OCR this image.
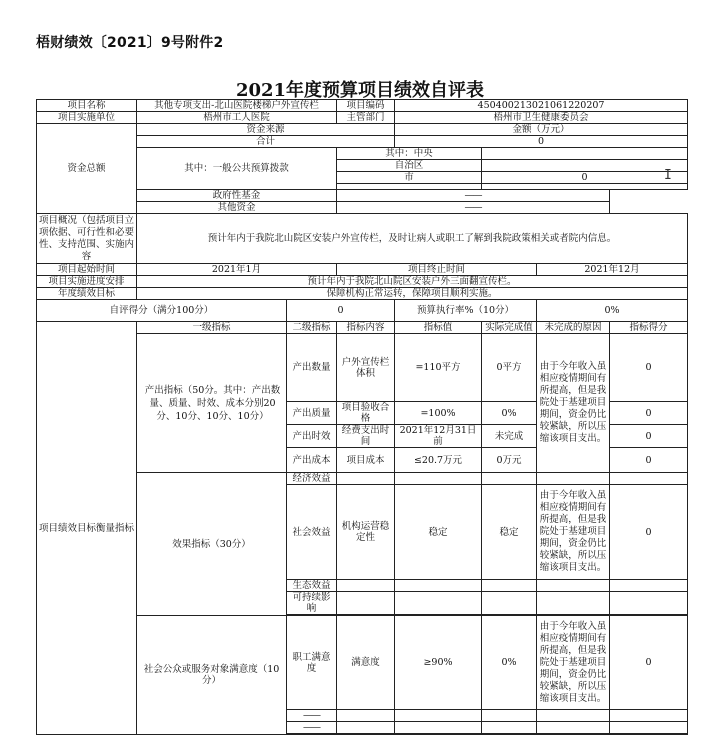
梧财绩效〔2021〕9号附件2
2021年度预算项目绩效自评表
项目名称	其他专项支出-北山医院楼梯户外宣传栏		项目编码	450400213021061220207			
项目实施单位	梧州市工人医院		主管部门	梧州市卫生健康委员会			
资金总额	资金来源			金额（万元）			
	合计			0			
	其中：一般公共预算拨款		其中：中央				
			自治区				
			市		0		

	政府性基金		——				
	其他资金		——				
项目概况（包括项目立项依据、可行性和必要性、支持范围、实施内容	预计年内于我院北山院区安装户外宣传栏，及时让病人或职工了解到我院政策相关或者院内信息。						
项目起始时间	2021年1月		项目终止时间			2021年12月	
项目实施进度安排	预计年内于我院北山院区安装户外三面翻宣传栏。						
年度绩效目标	保障机构正常运转，保障项目顺利实施。						
自评得分（满分100分）		0		预算执行率%（10分）		0%	
项目绩效目标衡量指标	一级指标	二级指标	指标内容	指标值	实际完成值	未完成的原因	指标得分
	产出指标（50分。其中：产出数量、质量、时效、成本分别20分、10分、10分、10分）	产出数量	户外宣传栏体积	=110平方	0平方	由于今年收入虽相应疫情期间有所提高，但是我院处于基建项目期间，资金仍比较紧缺，所以压缩该项目支出。	0
		产出质量	项目验收合格	=100%	0%		0
		产出时效	经费支出时间	2021年12月31日前	未完成		0
		产出成本	项目成本	≤20.7万元	0万元		0
	效果指标（30分）	经济效益					
		社会效益	机构运营稳定性	稳定	稳定	由于今年收入虽相应疫情期间有所提高，但是我院处于基建项目期间，资金仍比较紧缺，所以压缩该项目支出。	0
		生态效益					
		可持续影响					

	社会公众或服务对象满意度（10分）	职工满意度	满意度	≥90%	0%	由于今年收入虽相应疫情期间有所提高，但是我院处于基建项目期间，资金仍比较紧缺，所以压缩该项目支出。	0
		——					
		——					

I
